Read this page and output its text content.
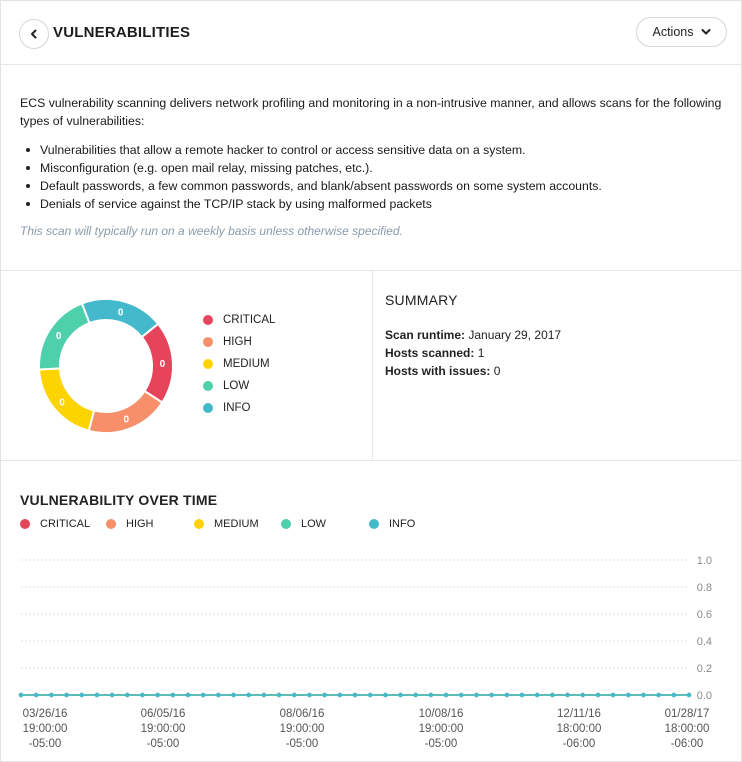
VULNERABILITIES	Actions

ECS vulnerability scanning delivers network profiling and monitoring in a non-intrusive manner, and allows scans for the following types of vulnerabilities:

Vulnerabilities that allow a remote hacker to control or access sensitive data on a system.
Misconfiguration (e.g. open mail relay, missing patches, etc.).
Default passwords, a few common passwords, and blank/absent passwords on some system accounts.
Denials of service against the TCP/IP stack by using malformed packets

This scan will typically run on a weekly basis unless otherwise specified.

0
0
0
0
0
CRITICAL
HIGH
MEDIUM
LOW
INFO
SUMMARY
Scan runtime: January 29, 2017
Hosts scanned: 1
Hosts with issues: 0
VULNERABILITY OVER TIME
CRITICAL	HIGH	MEDIUM	LOW	INFO
1.0
0.8
0.6
0.4
0.2
0.0
03/26/16
19:00:00
-05:00
06/05/16
19:00:00
-05:00
08/06/16
19:00:00
-05:00
10/08/16
19:00:00
-05:00
12/11/16
18:00:00
-06:00
01/28/17
18:00:00
-06:00
